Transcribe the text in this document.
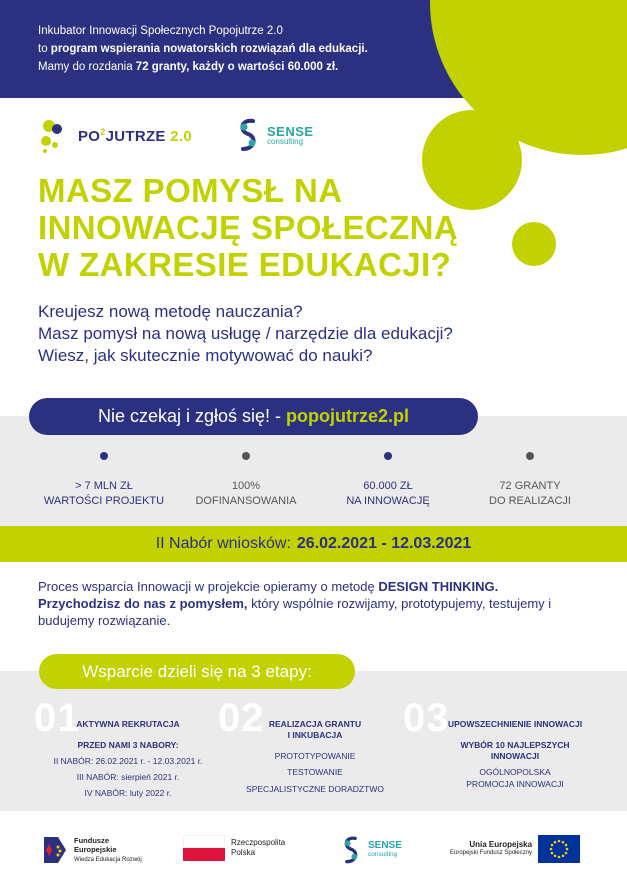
Inkubator Innowacji Społecznych Popojutrze 2.0
to program wspierania nowatorskich rozwiązań dla edukacji.
Mamy do rozdania 72 granty, każdy o wartości 60.000 zł.
$PO^2JUTRZE$ 2.0	SENSE
consulting
MASZ POMYSŁ NA
INNOWACJĘ SPOŁECZNĄ
W ZAKRESIE EDUKACJI?
Kreujesz nową metodę nauczania?
Masz pomysł na nową usługę / narzędzie dla edukacji?
Wiesz, jak skutecznie motywować do nauki?
Nie czekaj i zgłoś się! - popojutrze2.pl
> 7 MLN ZŁ
WARTOŚCI PROJEKTU
100%
DOFINANSOWANIA
60.000 ZŁ
NA INNOWACJĘ
72 GRANTY
DO REALIZACJI
II Nabór wniosków: 26.02.2021 - 12.03.2021
Proces wsparcia Innowacji w projekcie opieramy o metodę DESIGN THINKING.
Przychodzisz do nas z pomysłem, który wspólnie rozwijamy, prototypujemy, testujemy i budujemy rozwiązanie.
Wsparcie dzieli się na 3 etapy:
01
AKTYWNA REKRUTACJA
PRZED NAMI 3 NABORY:
II NABÓR: 26.02.2021 r. - 12.03.2021 r.
III NABÓR: sierpień 2021 r.
IV NABÓR: luty 2022 r.
02 REALIZACJA GRANTU
I INKUBACJA
PROTOTYPOWANIE
TESTOWANIE
SPECJALISTYCZNE DORADZTWO
03
UPOWSZECHNIENIE INNOWACJI
WYBÓR 10 NAJLEPSZYCH
INNOWACJI
OGÓLNOPOLSKA
PROMOCJA INNOWACJI
Fundusze
Europejskie
Wiedza Edukacja Rozwój
Rzeczpospolita
Polska
SENSE
consulting
Unia Europejska
Europejski Fundusz Społeczny
